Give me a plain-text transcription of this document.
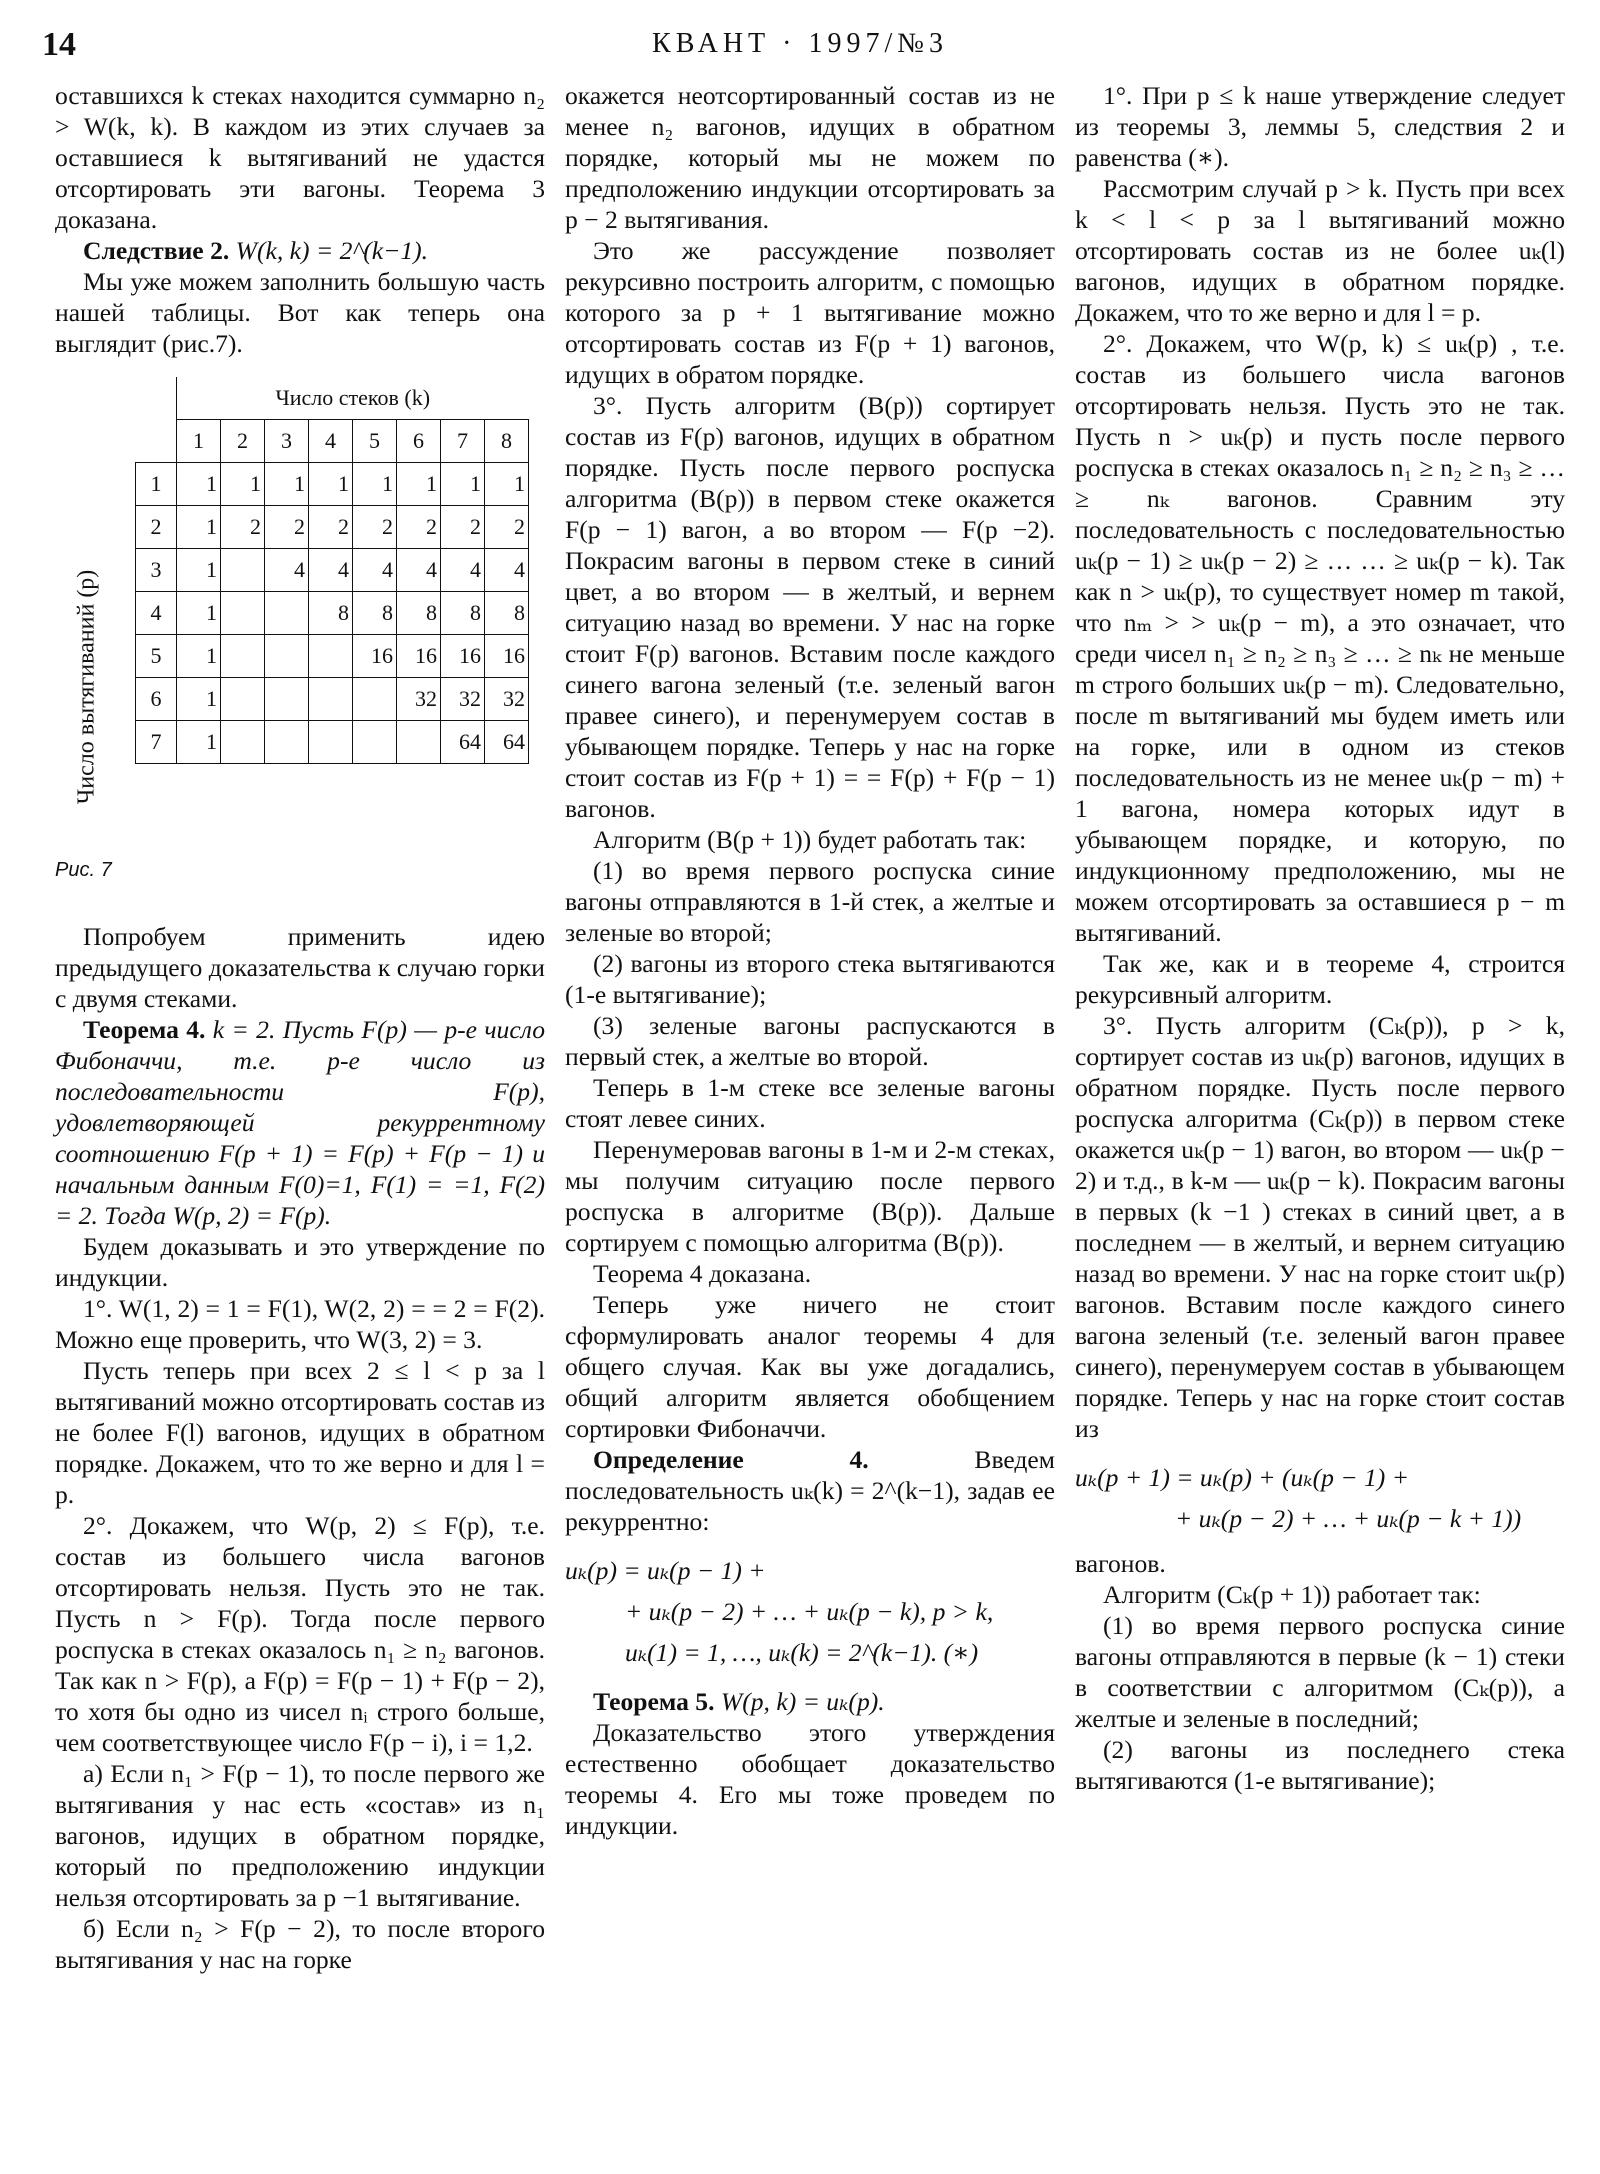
14	КВАНТ · 1997/№3

оставшихся k стеках находится суммарно n₂ > W(k, k). В каждом из этих случаев за оставшиеся k вытягиваний не удастся отсортировать эти вагоны. Теорема 3 доказана.

Следствие 2. W(k, k) = 2^(k−1).

Мы уже можем заполнить большую часть нашей таблицы. Вот как теперь она выглядит (рис.7).

Число вытягиваний (p)
	Число стеков (k)							
	1	2	3	4	5	6	7	8
1	1	1	1	1	1	1	1	1
2	1	2	2	2	2	2	2	2
3	1		4	4	4	4	4	4
4	1			8	8	8	8	8
5	1				16	16	16	16
6	1					32	32	32
7	1						64	64

Рис. 7

Попробуем применить идею предыдущего доказательства к случаю горки с двумя стеками.

Теорема 4. k = 2. Пусть F(p) — p-е число Фибоначчи, т.е. p-е число из последовательности F(p), удовлетворяющей рекуррентному соотношению F(p + 1) = F(p) + F(p − 1) и начальным данным F(0)=1, F(1) = =1, F(2) = 2. Тогда W(p, 2) = F(p).

Будем доказывать и это утверждение по индукции.

1°. W(1, 2) = 1 = F(1), W(2, 2) = = 2 = F(2). Можно еще проверить, что W(3, 2) = 3.

Пусть теперь при всех 2 ≤ l < p за l вытягиваний можно отсортировать состав из не более F(l) вагонов, идущих в обратном порядке. Докажем, что то же верно и для l = p.

2°. Докажем, что W(p, 2) ≤ F(p), т.е. состав из большего числа вагонов отсортировать нельзя. Пусть это не так. Пусть n > F(p). Тогда после первого роспуска в стеках оказалось n₁ ≥ n₂ вагонов. Так как n > F(p), а F(p) = F(p − 1) + F(p − 2), то хотя бы одно из чисел nᵢ строго больше, чем соответствующее число F(p − i), i = 1,2.

а) Если n₁ > F(p − 1), то после первого же вытягивания у нас есть «состав» из n₁ вагонов, идущих в обратном порядке, который по предположению индукции нельзя отсортировать за p −1 вытягивание.

б) Если n₂ > F(p − 2), то после второго вытягивания у нас на горке

окажется неотсортированный состав из не менее n₂ вагонов, идущих в обратном порядке, который мы не можем по предположению индукции отсортировать за p − 2 вытягивания.

Это же рассуждение позволяет рекурсивно построить алгоритм, с помощью которого за p + 1 вытягивание можно отсортировать состав из F(p + 1) вагонов, идущих в обратом порядке.

3°. Пусть алгоритм (B(p)) сортирует состав из F(p) вагонов, идущих в обратном порядке. Пусть после первого роспуска алгоритма (B(p)) в первом стеке окажется F(p − 1) вагон, а во втором — F(p −2). Покрасим вагоны в первом стеке в синий цвет, а во втором — в желтый, и вернем ситуацию назад во времени. У нас на горке стоит F(p) вагонов. Вставим после каждого синего вагона зеленый (т.е. зеленый вагон правее синего), и перенумеруем состав в убывающем порядке. Теперь у нас на горке стоит состав из F(p + 1) = = F(p) + F(p − 1) вагонов.

Алгоритм (B(p + 1)) будет работать так:

(1) во время первого роспуска синие вагоны отправляются в 1-й стек, а желтые и зеленые во второй;

(2) вагоны из второго стека вытягиваются (1-е вытягивание);

(3) зеленые вагоны распускаются в первый стек, а желтые во второй.

Теперь в 1-м стеке все зеленые вагоны стоят левее синих.

Перенумеровав вагоны в 1-м и 2-м стеках, мы получим ситуацию после первого роспуска в алгоритме (B(p)). Дальше сортируем с помощью алгоритма (B(p)).

Теорема 4 доказана.

Теперь уже ничего не стоит сформулировать аналог теоремы 4 для общего случая. Как вы уже догадались, общий алгоритм является обобщением сортировки Фибоначчи.

Определение 4. Введем последовательность uₖ(k) = 2^(k−1), задав ее рекуррентно:

uₖ(p) = uₖ(p − 1) +

+ uₖ(p − 2) + … + uₖ(p − k), p > k,

uₖ(1) = 1, …, uₖ(k) = 2^(k−1). (∗)

Теорема 5. W(p, k) = uₖ(p).

Доказательство этого утверждения естественно обобщает доказательство теоремы 4. Его мы тоже проведем по индукции.

1°. При p ≤ k наше утверждение следует из теоремы 3, леммы 5, следствия 2 и равенства (∗).

Рассмотрим случай p > k. Пусть при всех k < l < p за l вытягиваний можно отсортировать состав из не более uₖ(l) вагонов, идущих в обратном порядке. Докажем, что то же верно и для l = p.

2°. Докажем, что W(p, k) ≤ uₖ(p) , т.е. состав из большего числа вагонов отсортировать нельзя. Пусть это не так. Пусть n > uₖ(p) и пусть после первого роспуска в стеках оказалось n₁ ≥ n₂ ≥ n₃ ≥ … ≥ nₖ вагонов. Сравним эту последовательность с последовательностью uₖ(p − 1) ≥ uₖ(p − 2) ≥ … … ≥ uₖ(p − k). Так как n > uₖ(p), то существует номер m такой, что nₘ > > uₖ(p − m), а это означает, что среди чисел n₁ ≥ n₂ ≥ n₃ ≥ … ≥ nₖ не меньше m строго больших uₖ(p − m). Следовательно, после m вытягиваний мы будем иметь или на горке, или в одном из стеков последовательность из не менее uₖ(p − m) + 1 вагона, номера которых идут в убывающем порядке, и которую, по индукционному предположению, мы не можем отсортировать за оставшиеся p − m вытягиваний.

Так же, как и в теореме 4, строится рекурсивный алгоритм.

3°. Пусть алгоритм (Cₖ(p)), p > k, сортирует состав из uₖ(p) вагонов, идущих в обратном порядке. Пусть после первого роспуска алгоритма (Cₖ(p)) в первом стеке окажется uₖ(p − 1) вагон, во втором — uₖ(p − 2) и т.д., в k-м — uₖ(p − k). Покрасим вагоны в первых (k −1 ) стеках в синий цвет, а в последнем — в желтый, и вернем ситуацию назад во времени. У нас на горке стоит uₖ(p) вагонов. Вставим после каждого синего вагона зеленый (т.е. зеленый вагон правее синего), перенумеруем состав в убывающем порядке. Теперь у нас на горке стоит состав из

uₖ(p + 1) = uₖ(p) + (uₖ(p − 1) +

+ uₖ(p − 2) + … + uₖ(p − k + 1))

вагонов.

Алгоритм (Cₖ(p + 1)) работает так:

(1) во время первого роспуска синие вагоны отправляются в первые (k − 1) стеки в соответствии с алгоритмом (Cₖ(p)), а желтые и зеленые в последний;

(2) вагоны из последнего стека вытягиваются (1-е вытягивание);
